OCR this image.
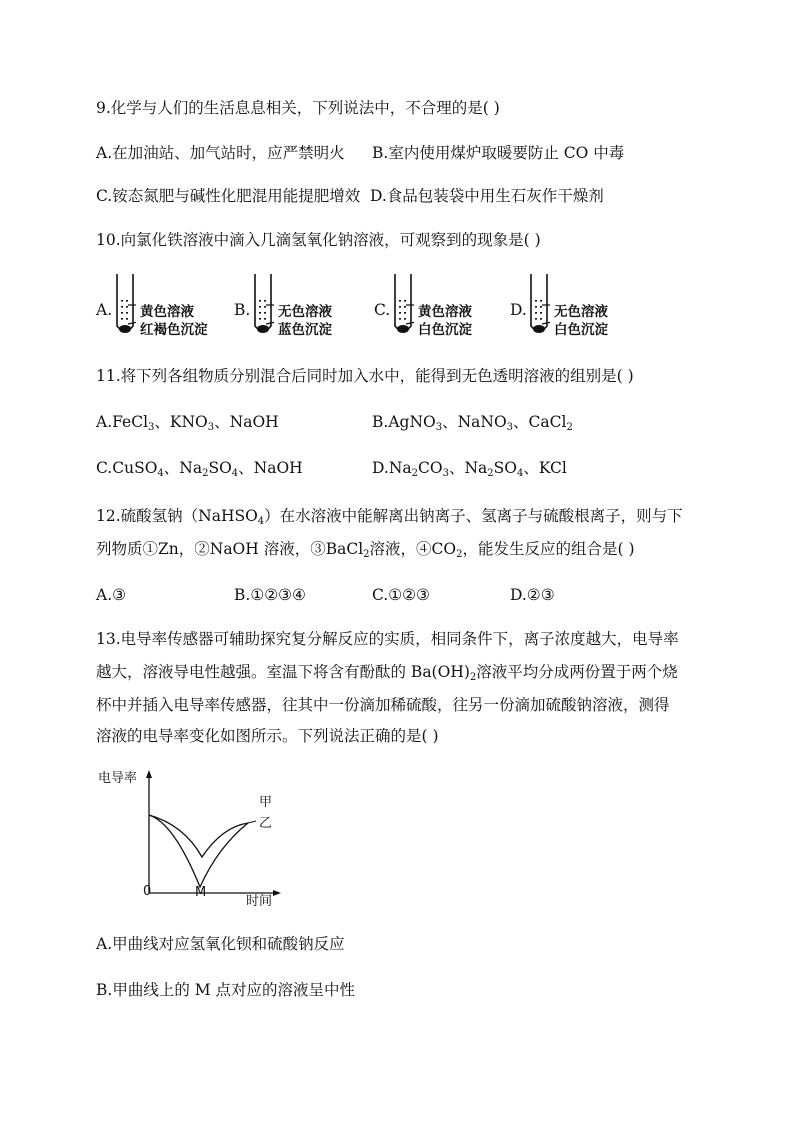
9.化学与人们的生活息息相关，下列说法中，不合理的是( )
A.在加油站、加气站时，应严禁明火 B.室内使用煤炉取暖要防止 CO 中毒
C.铵态氮肥与碱性化肥混用能提肥增效 D.食品包装袋中用生石灰作干燥剂
10.向氯化铁溶液中滴入几滴氢氧化钠溶液，可观察到的现象是( )
A. 黄色溶液
红褐色沉淀
B. 无色溶液
蓝色沉淀
C. 黄色溶液
白色沉淀
D. 无色溶液
白色沉淀
11.将下列各组物质分别混合后同时加入水中，能得到无色透明溶液的组别是( )
A.FeCl$_3$、$KNO_3$、NaOH	B.AgNO$_3$、NaNO$_3$、CaCl$_2$
C.CuSO$_4$、$Na_2SO_4$、NaOH	$D.Na_2CO_3$、$Na_2SO_4$、KCl
12.硫酸氢钠（NaHSO$_4$）在水溶液中能解离出钠离子、氢离子与硫酸根离子，则与下
列物质①Zn，②NaOH 溶液，③BaCl$_2$溶液，$④CO_2$，能发生反应的组合是( )
A.③	B.①②③④	C.①②③	D.②③
13.电导率传感器可辅助探究复分解反应的实质，相同条件下，离子浓度越大，电导率
越大，溶液导电性越强。室温下将含有酚酞的 $Ba(OH)_2$溶液平均分成两份置于两个烧
杯中并插入电导率传感器，往其中一份滴加稀硫酸，往另一份滴加硫酸钠溶液，测得
溶液的电导率变化如图所示。下列说法正确的是( )
电导率
甲
乙
0	M
时间
A.甲曲线对应氢氧化钡和硫酸钠反应
B.甲曲线上的 M 点对应的溶液呈中性
